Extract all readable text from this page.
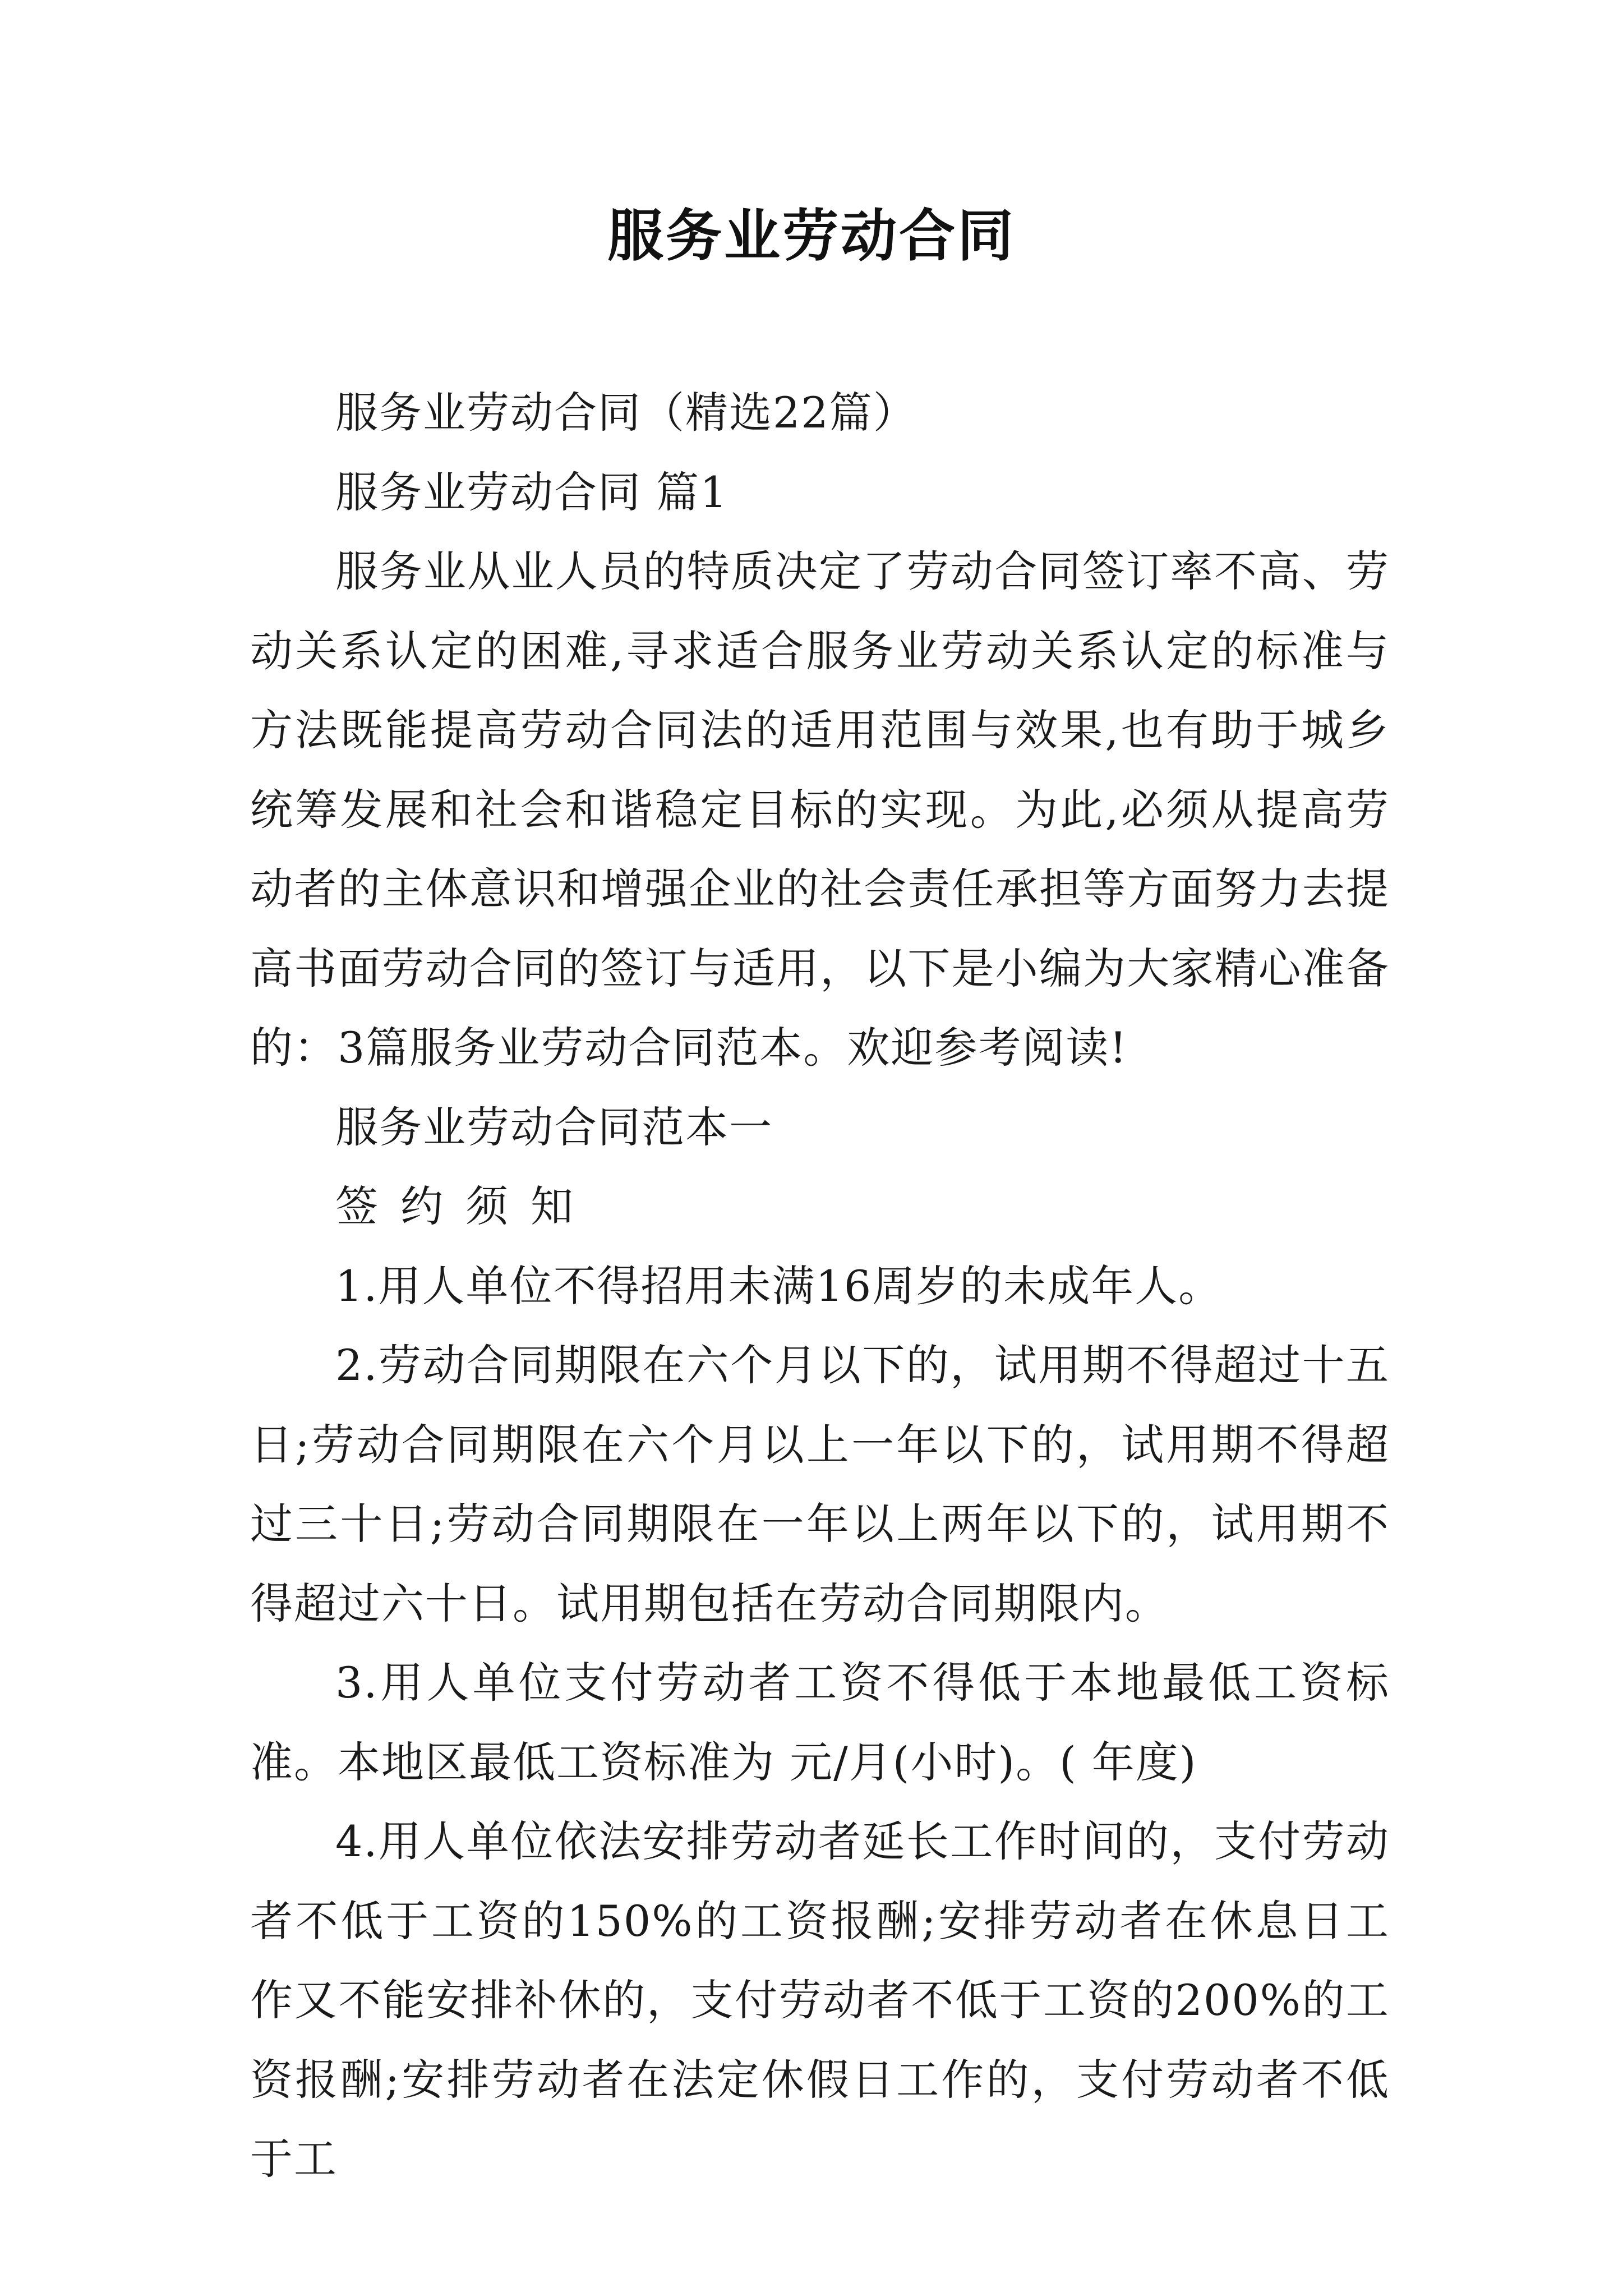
服务业劳动合同

服务业劳动合同（精选22篇）

服务业劳动合同 篇1

服务业从业人员的特质决定了劳动合同签订率不高、劳动关系认定的困难,寻求适合服务业劳动关系认定的标准与方法既能提高劳动合同法的适用范围与效果,也有助于城乡统筹发展和社会和谐稳定目标的实现。为此,必须从提高劳动者的主体意识和增强企业的社会责任承担等方面努力去提高书面劳动合同的签订与适用，以下是小编为大家精心准备的：3篇服务业劳动合同范本。欢迎参考阅读!

服务业劳动合同范本一

签约须知

1.用人单位不得招用未满16周岁的未成年人。

2.劳动合同期限在六个月以下的，试用期不得超过十五日;劳动合同期限在六个月以上一年以下的，试用期不得超过三十日;劳动合同期限在一年以上两年以下的，试用期不得超过六十日。试用期包括在劳动合同期限内。

3.用人单位支付劳动者工资不得低于本地最低工资标准。本地区最低工资标准为 元/月(小时)。( 年度)

4.用人单位依法安排劳动者延长工作时间的，支付劳动者不低于工资的150%的工资报酬;安排劳动者在休息日工作又不能安排补休的，支付劳动者不低于工资的200%的工资报酬;安排劳动者在法定休假日工作的，支付劳动者不低于工
